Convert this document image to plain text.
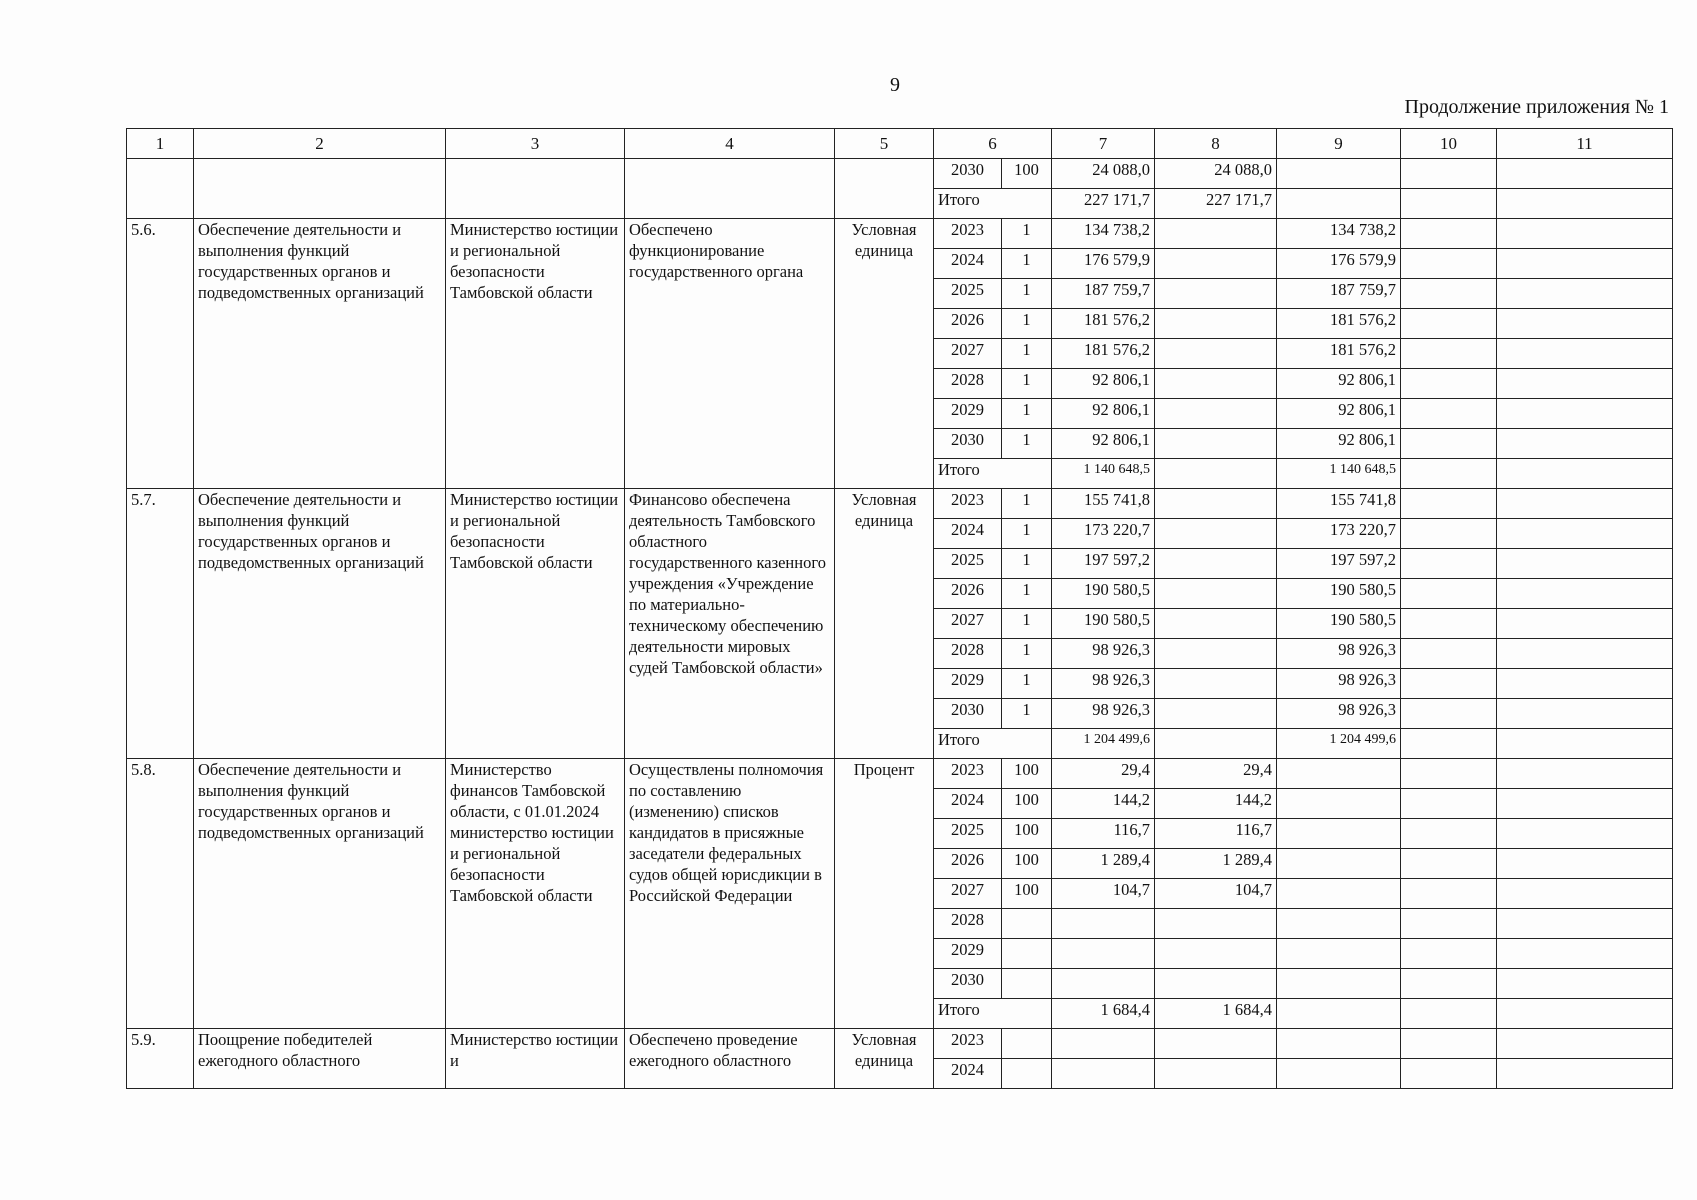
9
Продолжение приложения № 1
1	2	3	4	5	6		7	8	9	10	11
					2030	100	24 088,0	24 088,0			
					Итого		227 171,7	227 171,7			
5.6.	Обеспечение деятельности и выполнения функций государственных органов и подведомственных организаций	Министерство юстиции и региональной безопасности Тамбовской области	Обеспечено функционирование государственного органа	Условная единица	2023	1	134 738,2		134 738,2		
					2024	1	176 579,9		176 579,9		
					2025	1	187 759,7		187 759,7		
					2026	1	181 576,2		181 576,2		
					2027	1	181 576,2		181 576,2		
					2028	1	92 806,1		92 806,1		
					2029	1	92 806,1		92 806,1		
					2030	1	92 806,1		92 806,1		
					Итого		1 140 648,5		1 140 648,5		
5.7.	Обеспечение деятельности и выполнения функций государственных органов и подведомственных организаций	Министерство юстиции и региональной безопасности Тамбовской области	Финансово обеспечена деятельность Тамбовского областного государственного казенного учреждения «Учреждение по материально-техническому обеспечению деятельности мировых судей Тамбовской области»	Условная единица	2023	1	155 741,8		155 741,8		
					2024	1	173 220,7		173 220,7		
					2025	1	197 597,2		197 597,2		
					2026	1	190 580,5		190 580,5		
					2027	1	190 580,5		190 580,5		
					2028	1	98 926,3		98 926,3		
					2029	1	98 926,3		98 926,3		
					2030	1	98 926,3		98 926,3		
					Итого		1 204 499,6		1 204 499,6		
5.8.	Обеспечение деятельности и выполнения функций государственных органов и подведомственных организаций	Министерство финансов Тамбовской области, с 01.01.2024 министерство юстиции и региональной безопасности Тамбовской области	Осуществлены полномочия по составлению (изменению) списков кандидатов в присяжные заседатели федеральных судов общей юрисдикции в Российской Федерации	Процент	2023	100	29,4	29,4			
					2024	100	144,2	144,2			
					2025	100	116,7	116,7			
					2026	100	1 289,4	1 289,4			
					2027	100	104,7	104,7			
					2028						
					2029						
					2030						
					Итого		1 684,4	1 684,4			
5.9.	Поощрение победителей ежегодного областного	Министерство юстиции и	Обеспечено проведение ежегодного областного	Условная единица	2023						
					2024						
